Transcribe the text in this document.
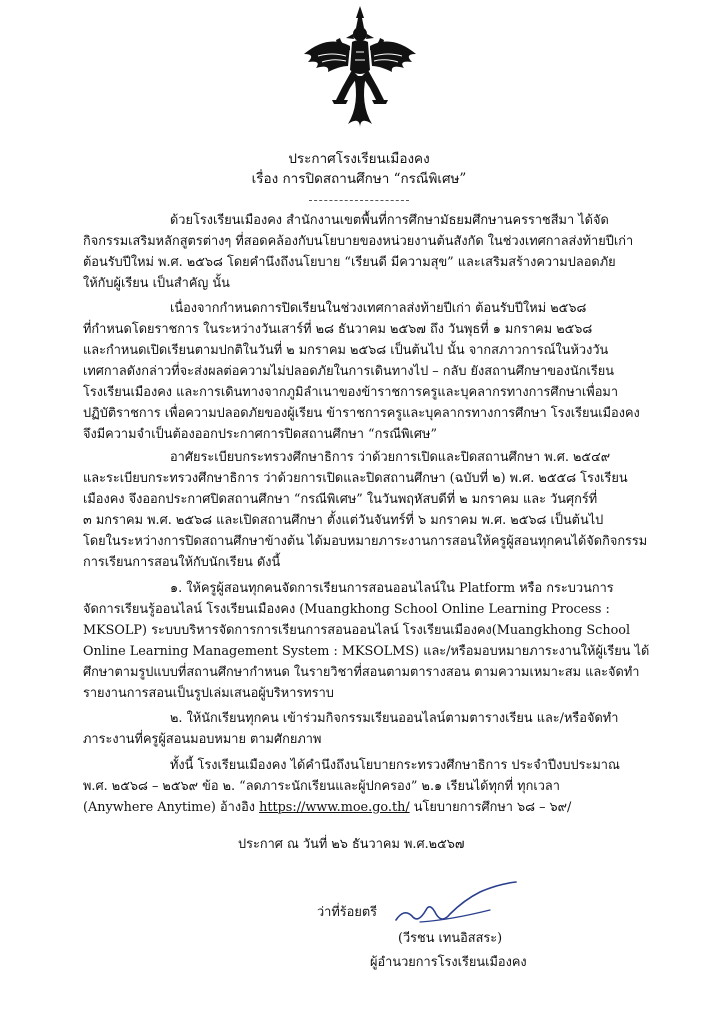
ประกาศโรงเรียนเมืองคง
เรื่อง การปิดสถานศึกษา “กรณีพิเศษ”
ด้วยโรงเรียนเมืองคง สำนักงานเขตพื้นที่การศึกษามัธยมศึกษานครราชสีมา ได้จัด
กิจกรรมเสริมหลักสูตรต่างๆ ที่สอดคล้องกับนโยบายของหน่วยงานต้นสังกัด ในช่วงเทศกาลส่งท้ายปีเก่า
ต้อนรับปีใหม่ พ.ศ. ๒๕๖๘ โดยคำนึงถึงนโยบาย “เรียนดี มีความสุข” และเสริมสร้างความปลอดภัย
ให้กับผู้เรียน เป็นสำคัญ นั้น
เนื่องจากกำหนดการปิดเรียนในช่วงเทศกาลส่งท้ายปีเก่า ต้อนรับปีใหม่ ๒๕๖๘
ที่กำหนดโดยราชการ ในระหว่างวันเสาร์ที่ ๒๘ ธันวาคม ๒๕๖๗ ถึง วันพุธที่ ๑ มกราคม ๒๕๖๘
และกำหนดเปิดเรียนตามปกติในวันที่ ๒ มกราคม ๒๕๖๘ เป็นต้นไป นั้น จากสภาวการณ์ในห้วงวัน
เทศกาลดังกล่าวที่จะส่งผลต่อความไม่ปลอดภัยในการเดินทางไป – กลับ ยังสถานศึกษาของนักเรียน
โรงเรียนเมืองคง และการเดินทางจากภูมิลำเนาของข้าราชการครูและบุคลากรทางการศึกษาเพื่อมา
ปฏิบัติราชการ เพื่อความปลอดภัยของผู้เรียน ข้าราชการครูและบุคลากรทางการศึกษา โรงเรียนเมืองคง
จึงมีความจำเป็นต้องออกประกาศการปิดสถานศึกษา “กรณีพิเศษ”
อาศัยระเบียบกระทรวงศึกษาธิการ ว่าด้วยการเปิดและปิดสถานศึกษา พ.ศ. ๒๕๔๙
และระเบียบกระทรวงศึกษาธิการ ว่าด้วยการเปิดและปิดสถานศึกษา (ฉบับที่ ๒) พ.ศ. ๒๕๕๘ โรงเรียน
เมืองคง จึงออกประกาศปิดสถานศึกษา “กรณีพิเศษ” ในวันพฤหัสบดีที่ ๒ มกราคม และ วันศุกร์ที่
๓ มกราคม พ.ศ. ๒๕๖๘ และเปิดสถานศึกษา ตั้งแต่วันจันทร์ที่ ๖ มกราคม พ.ศ. ๒๕๖๘ เป็นต้นไป
โดยในระหว่างการปิดสถานศึกษาข้างต้น ได้มอบหมายภาระงานการสอนให้ครูผู้สอนทุกคนได้จัดกิจกรรม
การเรียนการสอนให้กับนักเรียน ดังนี้
๑. ให้ครูผู้สอนทุกคนจัดการเรียนการสอนออนไลน์ใน Platform หรือ กระบวนการ
จัดการเรียนรู้ออนไลน์ โรงเรียนเมืองคง (Muangkhong School Online Learning Process :
MKSOLP) ระบบบริหารจัดการการเรียนการสอนออนไลน์ โรงเรียนเมืองคง(Muangkhong School
Online Learning Management System : MKSOLMS) และ/หรือมอบหมายภาระงานให้ผู้เรียน ได้
ศึกษาตามรูปแบบที่สถานศึกษากำหนด ในรายวิชาที่สอนตามตารางสอน ตามความเหมาะสม และจัดทำ
รายงานการสอนเป็นรูปเล่มเสนอผู้บริหารทราบ
๒. ให้นักเรียนทุกคน เข้าร่วมกิจกรรมเรียนออนไลน์ตามตารางเรียน และ/หรือจัดทำ
ภาระงานที่ครูผู้สอนมอบหมาย ตามศักยภาพ
ทั้งนี้ โรงเรียนเมืองคง ได้คำนึงถึงนโยบายกระทรวงศึกษาธิการ ประจำปีงบประมาณ
พ.ศ. ๒๕๖๘ – ๒๕๖๙ ข้อ ๒. “ลดภาระนักเรียนและผู้ปกครอง” ๒.๑ เรียนได้ทุกที่ ทุกเวลา
(Anywhere Anytime) อ้างอิง https://www.moe.go.th/ นโยบายการศึกษา ๖๘ – ๖๙/
ประกาศ ณ วันที่ ๒๖ ธันวาคม พ.ศ.๒๕๖๗
ว่าที่ร้อยตรี
(วีรชน เทนอิสสระ)
ผู้อำนวยการโรงเรียนเมืองคง
